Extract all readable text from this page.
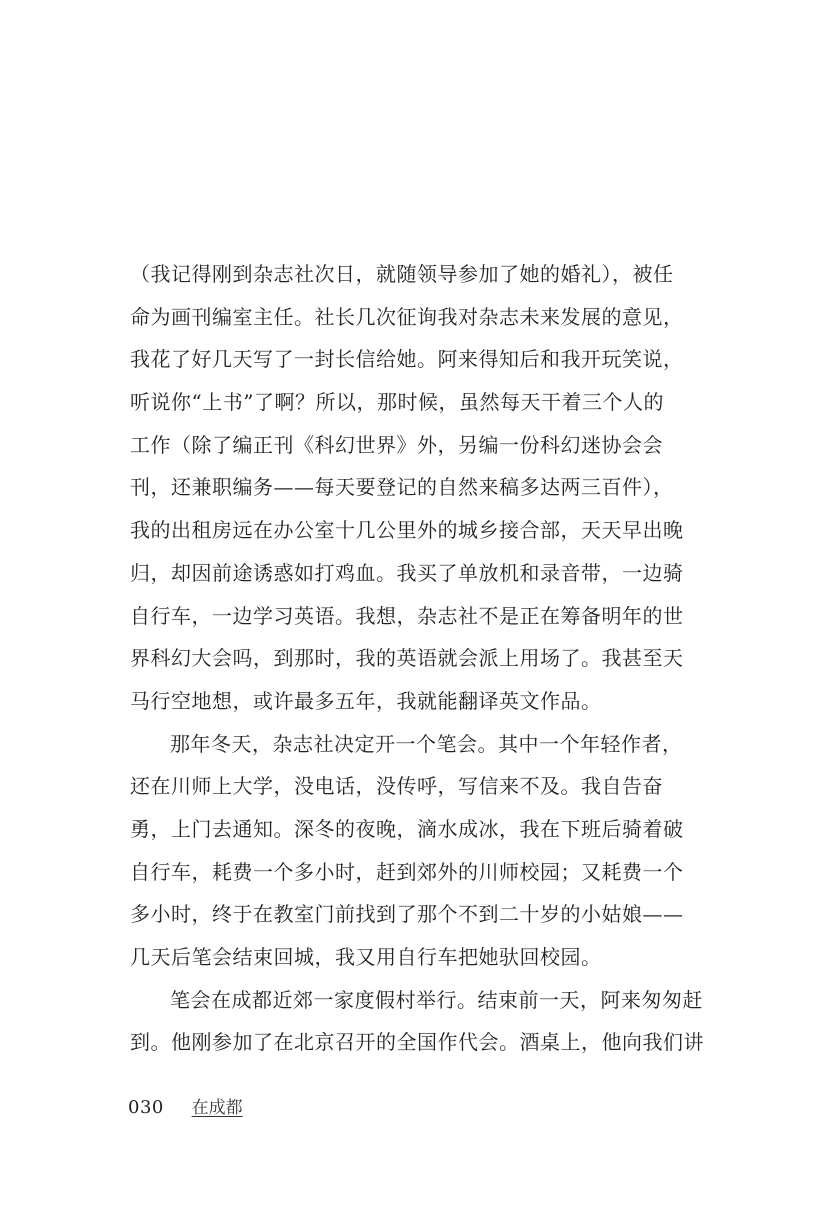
（我记得刚到杂志社次日，就随领导参加了她的婚礼），被任
命为画刊编室主任。社长几次征询我对杂志未来发展的意见，
我花了好几天写了一封长信给她。阿来得知后和我开玩笑说，
听说你“上书”了啊？所以，那时候，虽然每天干着三个人的
工作（除了编正刊《科幻世界》外，另编一份科幻迷协会会
刊，还兼职编务——每天要登记的自然来稿多达两三百件），
我的出租房远在办公室十几公里外的城乡接合部，天天早出晚
归，却因前途诱惑如打鸡血。我买了单放机和录音带，一边骑
自行车，一边学习英语。我想，杂志社不是正在筹备明年的世
界科幻大会吗，到那时，我的英语就会派上用场了。我甚至天
马行空地想，或许最多五年，我就能翻译英文作品。
那年冬天，杂志社决定开一个笔会。其中一个年轻作者，
还在川师上大学，没电话，没传呼，写信来不及。我自告奋
勇，上门去通知。深冬的夜晚，滴水成冰，我在下班后骑着破
自行车，耗费一个多小时，赶到郊外的川师校园；又耗费一个
多小时，终于在教室门前找到了那个不到二十岁的小姑娘——
几天后笔会结束回城，我又用自行车把她驮回校园。
笔会在成都近郊一家度假村举行。结束前一天，阿来匆匆赶
到。他刚参加了在北京召开的全国作代会。酒桌上，他向我们讲
030 在成都
